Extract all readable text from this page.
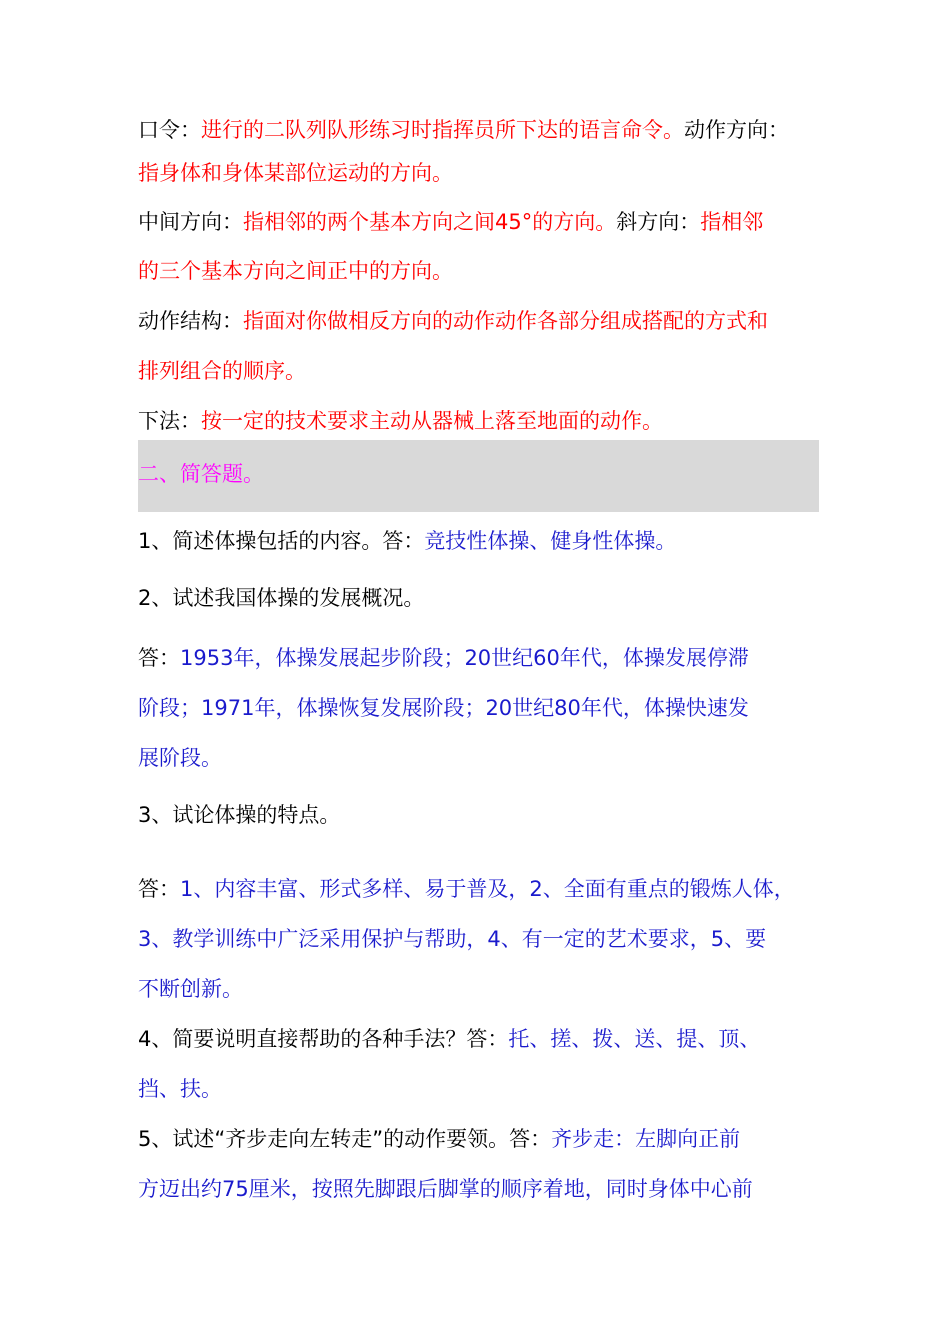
口令：进行的二队列队形练习时指挥员所下达的语言命令。动作方向：
指身体和身体某部位运动的方向。
中间方向：指相邻的两个基本方向之间45°的方向。斜方向：指相邻
的三个基本方向之间正中的方向。
动作结构：指面对你做相反方向的动作动作各部分组成搭配的方式和
排列组合的顺序。
下法：按一定的技术要求主动从器械上落至地面的动作。
二、简答题。
1、简述体操包括的内容。答：竞技性体操、健身性体操。
2、试述我国体操的发展概况。
答：1953年，体操发展起步阶段；20世纪60年代，体操发展停滞
阶段；1971年，体操恢复发展阶段；20世纪80年代，体操快速发
展阶段。
3、试论体操的特点。
答：1、内容丰富、形式多样、易于普及，2、全面有重点的锻炼人体，
3、教学训练中广泛采用保护与帮助，4、有一定的艺术要求，5、要
不断创新。
4、简要说明直接帮助的各种手法？答：托、搓、拨、送、提、顶、
挡、扶。
5、试述“齐步走向左转走”的动作要领。答：齐步走：左脚向正前
方迈出约75厘米，按照先脚跟后脚掌的顺序着地，同时身体中心前
